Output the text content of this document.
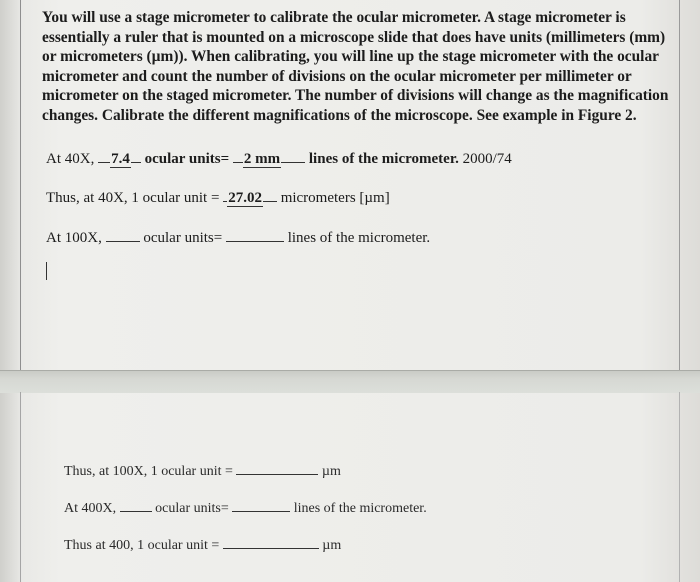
You will use a stage micrometer to calibrate the ocular micrometer. A stage micrometer is
essentially a ruler that is mounted on a microscope slide that does have units (millimeters (mm)
or micrometers (µm)). When calibrating, you will line up the stage micrometer with the ocular
micrometer and count the number of divisions on the ocular micrometer per millimeter or
micrometer on the staged micrometer. The number of divisions will change as the magnification
changes. Calibrate the different magnifications of the microscope. See example in Figure 2.
At 40X, 7.4 ocular units= 2 mm lines of the micrometer. 2000/74
Thus, at 40X, 1 ocular unit = 27.02 micrometers [µm]
At 100X,	ocular units=	lines of the micrometer.
Thus, at 100X, 1 ocular unit =	µm
At 400X,	ocular units=	lines of the micrometer.
Thus at 400, 1 ocular unit =	µm
